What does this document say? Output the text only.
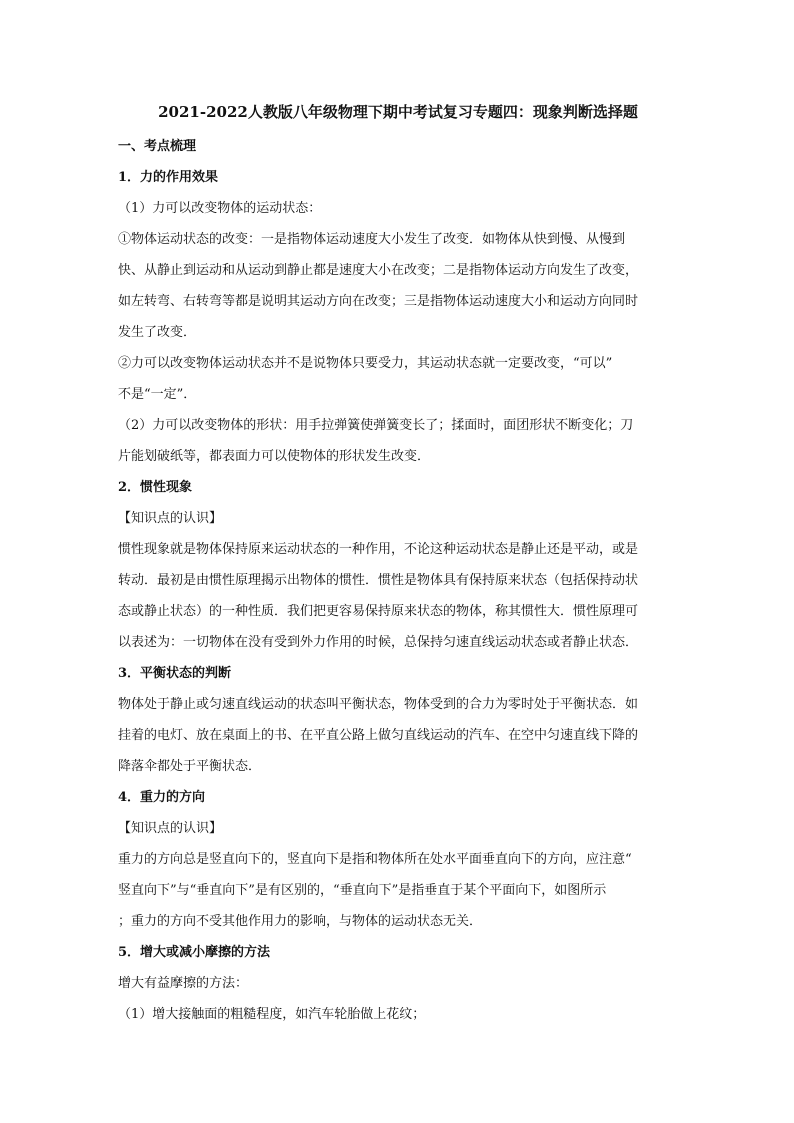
2021-2022人教版八年级物理下期中考试复习专题四：现象判断选择题
一、考点梳理
1．力的作用效果
（1）力可以改变物体的运动状态：
①物体运动状态的改变：一是指物体运动速度大小发生了改变．如物体从快到慢、从慢到
快、从静止到运动和从运动到静止都是速度大小在改变；二是指物体运动方向发生了改变，
如左转弯、右转弯等都是说明其运动方向在改变；三是指物体运动速度大小和运动方向同时
发生了改变．
②力可以改变物体运动状态并不是说物体只要受力，其运动状态就一定要改变，“可以”
不是“一定”．
（2）力可以改变物体的形状：用手拉弹簧使弹簧变长了；揉面时，面团形状不断变化；刀
片能划破纸等，都表面力可以使物体的形状发生改变．
2．惯性现象
【知识点的认识】
惯性现象就是物体保持原来运动状态的一种作用，不论这种运动状态是静止还是平动，或是
转动．最初是由惯性原理揭示出物体的惯性．惯性是物体具有保持原来状态（包括保持动状
态或静止状态）的一种性质．我们把更容易保持原来状态的物体，称其惯性大．惯性原理可
以表述为：一切物体在没有受到外力作用的时候，总保持匀速直线运动状态或者静止状态．
3．平衡状态的判断
物体处于静止或匀速直线运动的状态叫平衡状态，物体受到的合力为零时处于平衡状态．如
挂着的电灯、放在桌面上的书、在平直公路上做匀直线运动的汽车、在空中匀速直线下降的
降落伞都处于平衡状态．
4．重力的方向
【知识点的认识】
重力的方向总是竖直向下的，竖直向下是指和物体所在处水平面垂直向下的方向，应注意“
竖直向下”与“垂直向下”是有区别的，“垂直向下”是指垂直于某个平面向下，如图所示
；重力的方向不受其他作用力的影响，与物体的运动状态无关．
5．增大或减小摩擦的方法
增大有益摩擦的方法：
（1）增大接触面的粗糙程度，如汽车轮胎做上花纹；
